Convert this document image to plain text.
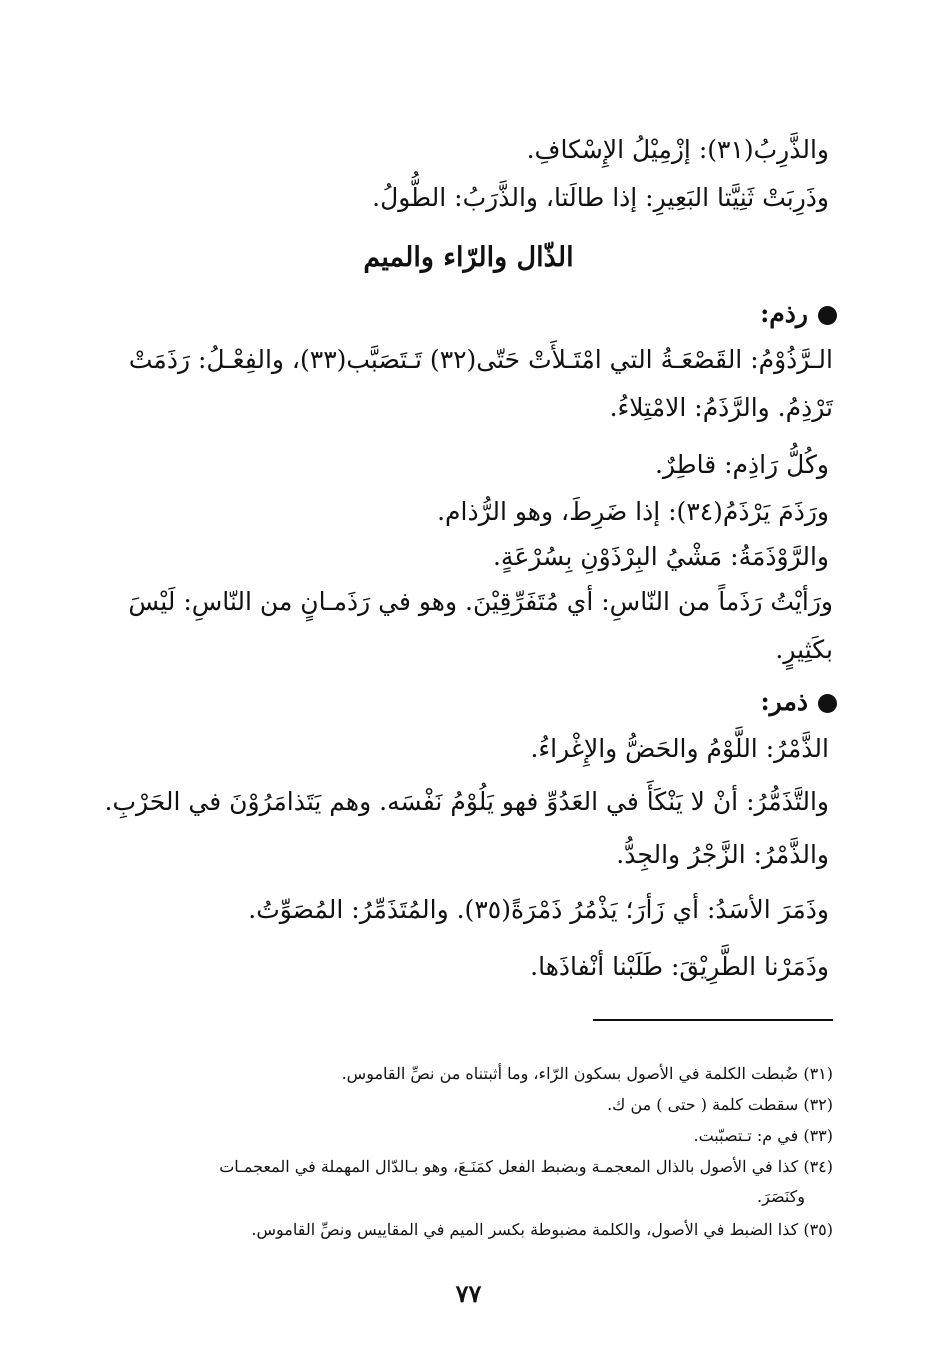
والذَّرِبُ(٣١): إزْمِيْلُ الإِسْكافِ.
وذَرِبَتْ ثَنِيَّتا البَعِيرِ: إذا طالَتا، والذَّرَبُ: الطُّولُ.
الذّال والرّاء والميم
رذم:
الـرَّذُوْمُ: القَصْعَـةُ التي امْتَـلأَتْ حَتّى(٣٢) تَـتَصَبَّب(٣٣)، والفِعْـلُ: رَذَمَتْ
تَرْذِمُ. والرَّذَمُ: الامْتِلاءُ.
وكُلُّ رَاذِم: قاطِرٌ.
ورَذَمَ يَرْذَمُ(٣٤): إذا ضَرِطَ، وهو الرُّذام.
والرَّوْذَمَةُ: مَشْيُ البِرْذَوْنِ بِسُرْعَةٍ.
ورَأيْتُ رَذَماً من النّاسِ: أي مُتَفَرِّقِيْنَ. وهو في رَذَمـانٍ من النّاسِ: لَيْسَ
بكَثِيرٍ.
ذمر:
الذَّمْرُ: اللَّوْمُ والحَضُّ والإِغْراءُ.
والتَّذَمُّرُ: أنْ لا يَنْكَأَ في العَدُوِّ فهو يَلُوْمُ نَفْسَه. وهم يَتَذامَرُوْنَ في الحَرْبِ.
والذَّمْرُ: الزَّجْرُ والجِدُّ.
وذَمَرَ الأسَدُ: أي زَأرَ؛ يَذْمُرُ ذَمْرَةً(٣٥). والمُتَذَمِّرُ: المُصَوِّتُ.
وذَمَرْنا الطَّرِيْقَ: طَلَبْنا أنْفاذَها.
(٣١) ضُبطت الكلمة في الأصول بسكون الرّاء، وما أثبتناه من نصِّ القاموس.
(٣٢) سقطت كلمة ( حتى ) من ك.
(٣٣) في م: تـتصبّبت.
(٣٤) كذا في الأصول بالذال المعجمـة وبضبط الفعل كمَنَـعَ، وهو بـالدّال المهملة في المعجمـات
وكنَصَرَ.
(٣٥) كذا الضبط في الأصول، والكلمة مضبوطة بكسر الميم في المقاييس ونصِّ القاموس.
٧٧
